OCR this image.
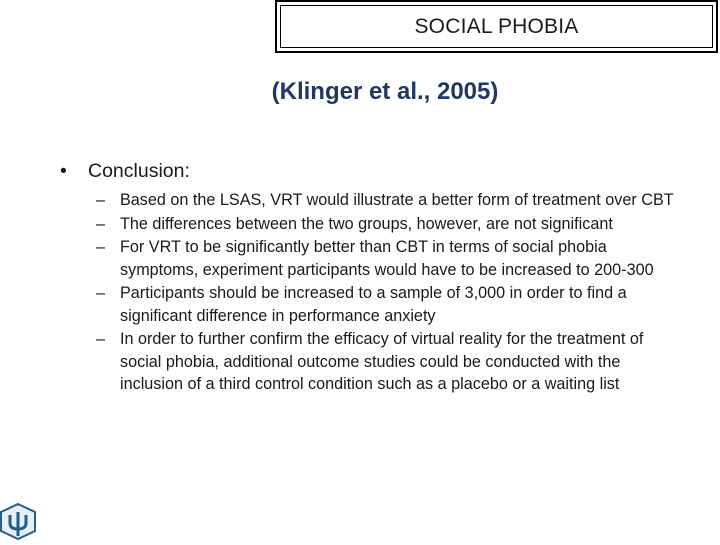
SOCIAL PHOBIA
(Klinger et al., 2005)
•	Conclusion:
– Based on the LSAS, VRT would illustrate a better form of treatment over CBT
– The differences between the two groups, however, are not significant
– For VRT to be significantly better than CBT in terms of social phobia symptoms, experiment participants would have to be increased to 200-300
– Participants should be increased to a sample of 3,000 in order to find a significant difference in performance anxiety
– In order to further confirm the efficacy of virtual reality for the treatment of social phobia, additional outcome studies could be conducted with the inclusion of a third control condition such as a placebo or a waiting list
